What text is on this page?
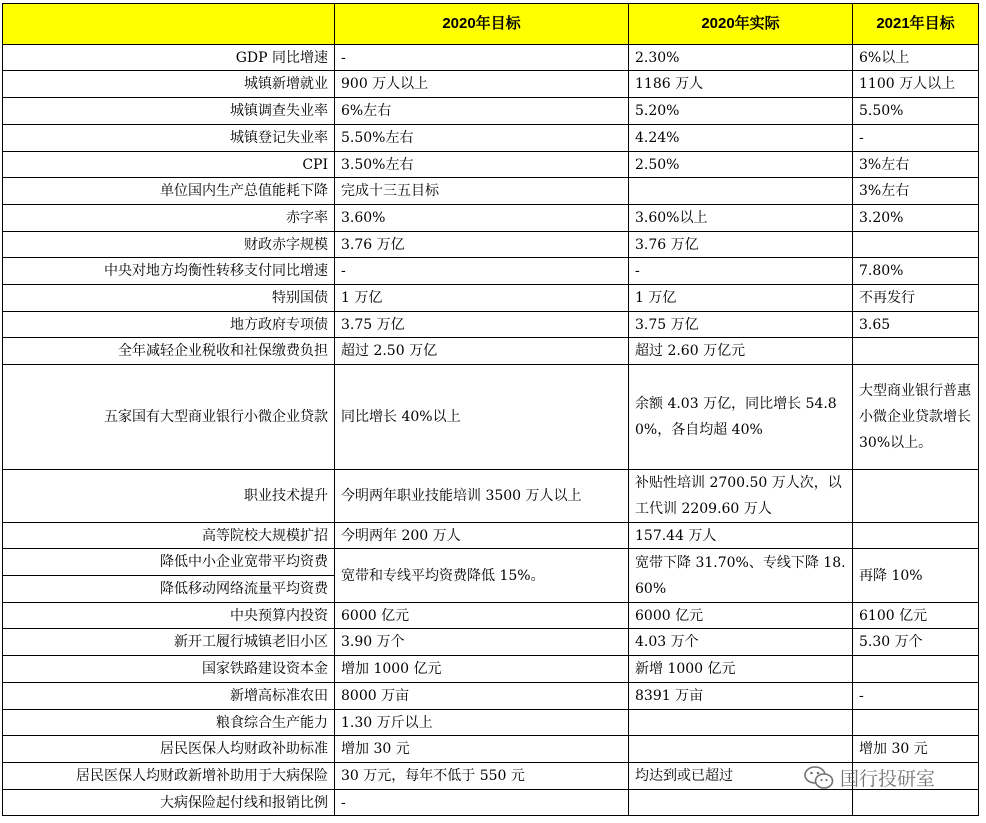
	2020年目标	2020年实际	2021年目标
GDP 同比增速	-	2.30%	6%以上
城镇新增就业	900 万人以上	1186 万人	1100 万人以上
城镇调查失业率	6%左右	5.20%	5.50%
城镇登记失业率	5.50%左右	4.24%	-
CPI	3.50%左右	2.50%	3%左右
单位国内生产总值能耗下降	完成十三五目标		3%左右
赤字率	3.60%	3.60%以上	3.20%
财政赤字规模	3.76 万亿	3.76 万亿	
中央对地方均衡性转移支付同比增速	-	-	7.80%
特别国债	1 万亿	1 万亿	不再发行
地方政府专项债	3.75 万亿	3.75 万亿	3.65
全年减轻企业税收和社保缴费负担	超过 2.50 万亿	超过 2.60 万亿元	
五家国有大型商业银行小微企业贷款	同比增长 40%以上	余额 4.03 万亿，同比增长 54.80%，各自均超 40%	大型商业银行普惠小微企业贷款增长 30%以上。
职业技术提升	今明两年职业技能培训 3500 万人以上	补贴性培训 2700.50 万人次，以工代训 2209.60 万人	
高等院校大规模扩招	今明两年 200 万人	157.44 万人	
降低中小企业宽带平均资费	宽带和专线平均资费降低 15%。	宽带下降 31.70%、专线下降 18.60%	再降 10%
降低移动网络流量平均资费			
中央预算内投资	6000 亿元	6000 亿元	6100 亿元
新开工履行城镇老旧小区	3.90 万个	4.03 万个	5.30 万个
国家铁路建设资本金	增加 1000 亿元	新增 1000 亿元	
新增高标准农田	8000 万亩	8391 万亩	-
粮食综合生产能力	1.30 万斤以上		
居民医保人均财政补助标准	增加 30 元		增加 30 元
居民医保人均财政新增补助用于大病保险	30 万元，每年不低于 550 元	均达到或已超过	
大病保险起付线和报销比例	-		
国行投研室
